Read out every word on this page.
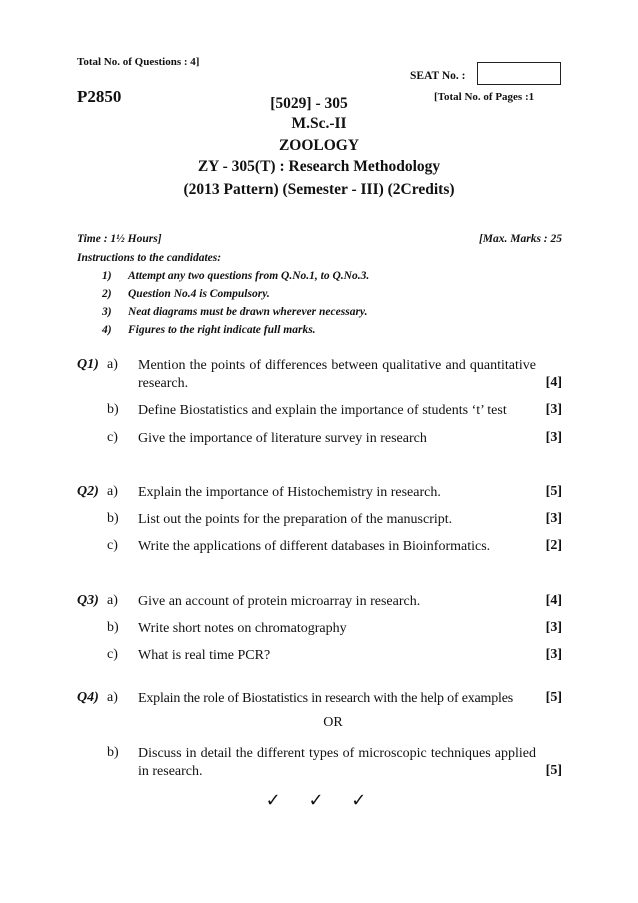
Total No. of Questions : 4]
SEAT No. :
P2850	[Total No. of Pages :1
[5029] - 305
M.Sc.-II
ZOOLOGY
ZY - 305(T) : Research Methodology
(2013 Pattern) (Semester - III) (2Credits)
Time : 1½ Hours]	[Max. Marks : 25
Instructions to the candidates:
1) Attempt any two questions from Q.No.1, to Q.No.3.
2) Question No.4 is Compulsory.
3) Neat diagrams must be drawn wherever necessary.
4) Figures to the right indicate full marks.
Q1) a) Mention the points of differences between qualitative and quantitative research.	[4]
b) Define Biostatistics and explain the importance of students ‘t’ test	[3]
c) Give the importance of literature survey in research	[3]
Q2) a) Explain the importance of Histochemistry in research.	[5]
b) List out the points for the preparation of the manuscript.	[3]
c) Write the applications of different databases in Bioinformatics.	[2]
Q3) a) Give an account of protein microarray in research.	[4]
b) Write short notes on chromatography	[3]
c) What is real time PCR?	[3]
Q4) a) Explain the role of Biostatistics in research with the help of examples	[5]
OR
b) Discuss in detail the different types of microscopic techniques applied in research.	[5]
✓ ✓ ✓
